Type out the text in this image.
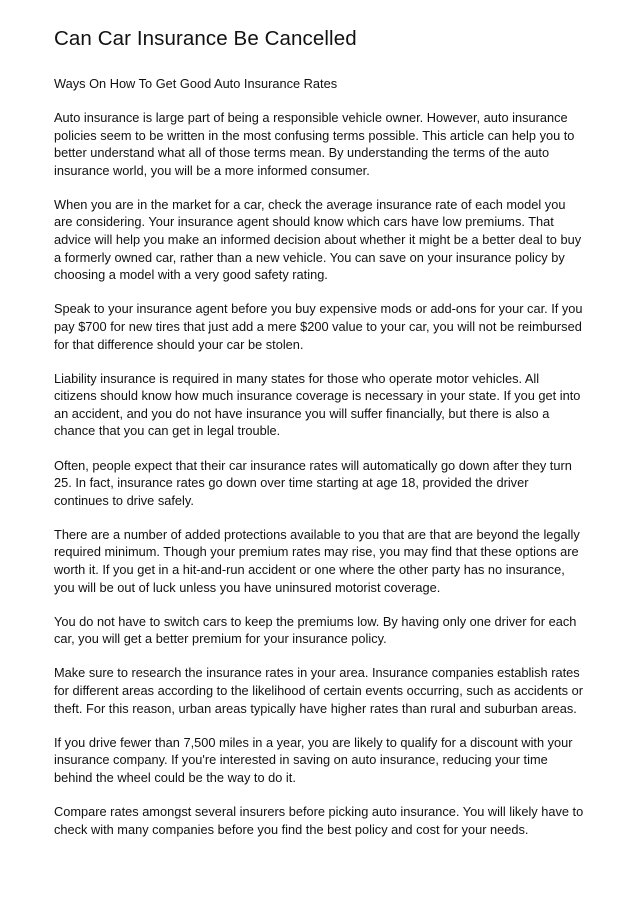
Can Car Insurance Be Cancelled
Ways On How To Get Good Auto Insurance Rates

Auto insurance is large part of being a responsible vehicle owner. However, auto insurance policies seem to be written in the most confusing terms possible. This article can help you to better understand what all of those terms mean. By understanding the terms of the auto insurance world, you will be a more informed consumer.

When you are in the market for a car, check the average insurance rate of each model you are considering. Your insurance agent should know which cars have low premiums. That advice will help you make an informed decision about whether it might be a better deal to buy a formerly owned car, rather than a new vehicle. You can save on your insurance policy by choosing a model with a very good safety rating.

Speak to your insurance agent before you buy expensive mods or add-ons for your car. If you pay $700 for new tires that just add a mere $200 value to your car, you will not be reimbursed for that difference should your car be stolen.

Liability insurance is required in many states for those who operate motor vehicles. All citizens should know how much insurance coverage is necessary in your state. If you get into an accident, and you do not have insurance you will suffer financially, but there is also a chance that you can get in legal trouble.

Often, people expect that their car insurance rates will automatically go down after they turn 25. In fact, insurance rates go down over time starting at age 18, provided the driver continues to drive safely.

There are a number of added protections available to you that are that are beyond the legally required minimum. Though your premium rates may rise, you may find that these options are worth it. If you get in a hit-and-run accident or one where the other party has no insurance, you will be out of luck unless you have uninsured motorist coverage.

You do not have to switch cars to keep the premiums low. By having only one driver for each car, you will get a better premium for your insurance policy.

Make sure to research the insurance rates in your area. Insurance companies establish rates for different areas according to the likelihood of certain events occurring, such as accidents or theft. For this reason, urban areas typically have higher rates than rural and suburban areas.

If you drive fewer than 7,500 miles in a year, you are likely to qualify for a discount with your insurance company. If you're interested in saving on auto insurance, reducing your time behind the wheel could be the way to do it.

Compare rates amongst several insurers before picking auto insurance. You will likely have to check with many companies before you find the best policy and cost for your needs.
